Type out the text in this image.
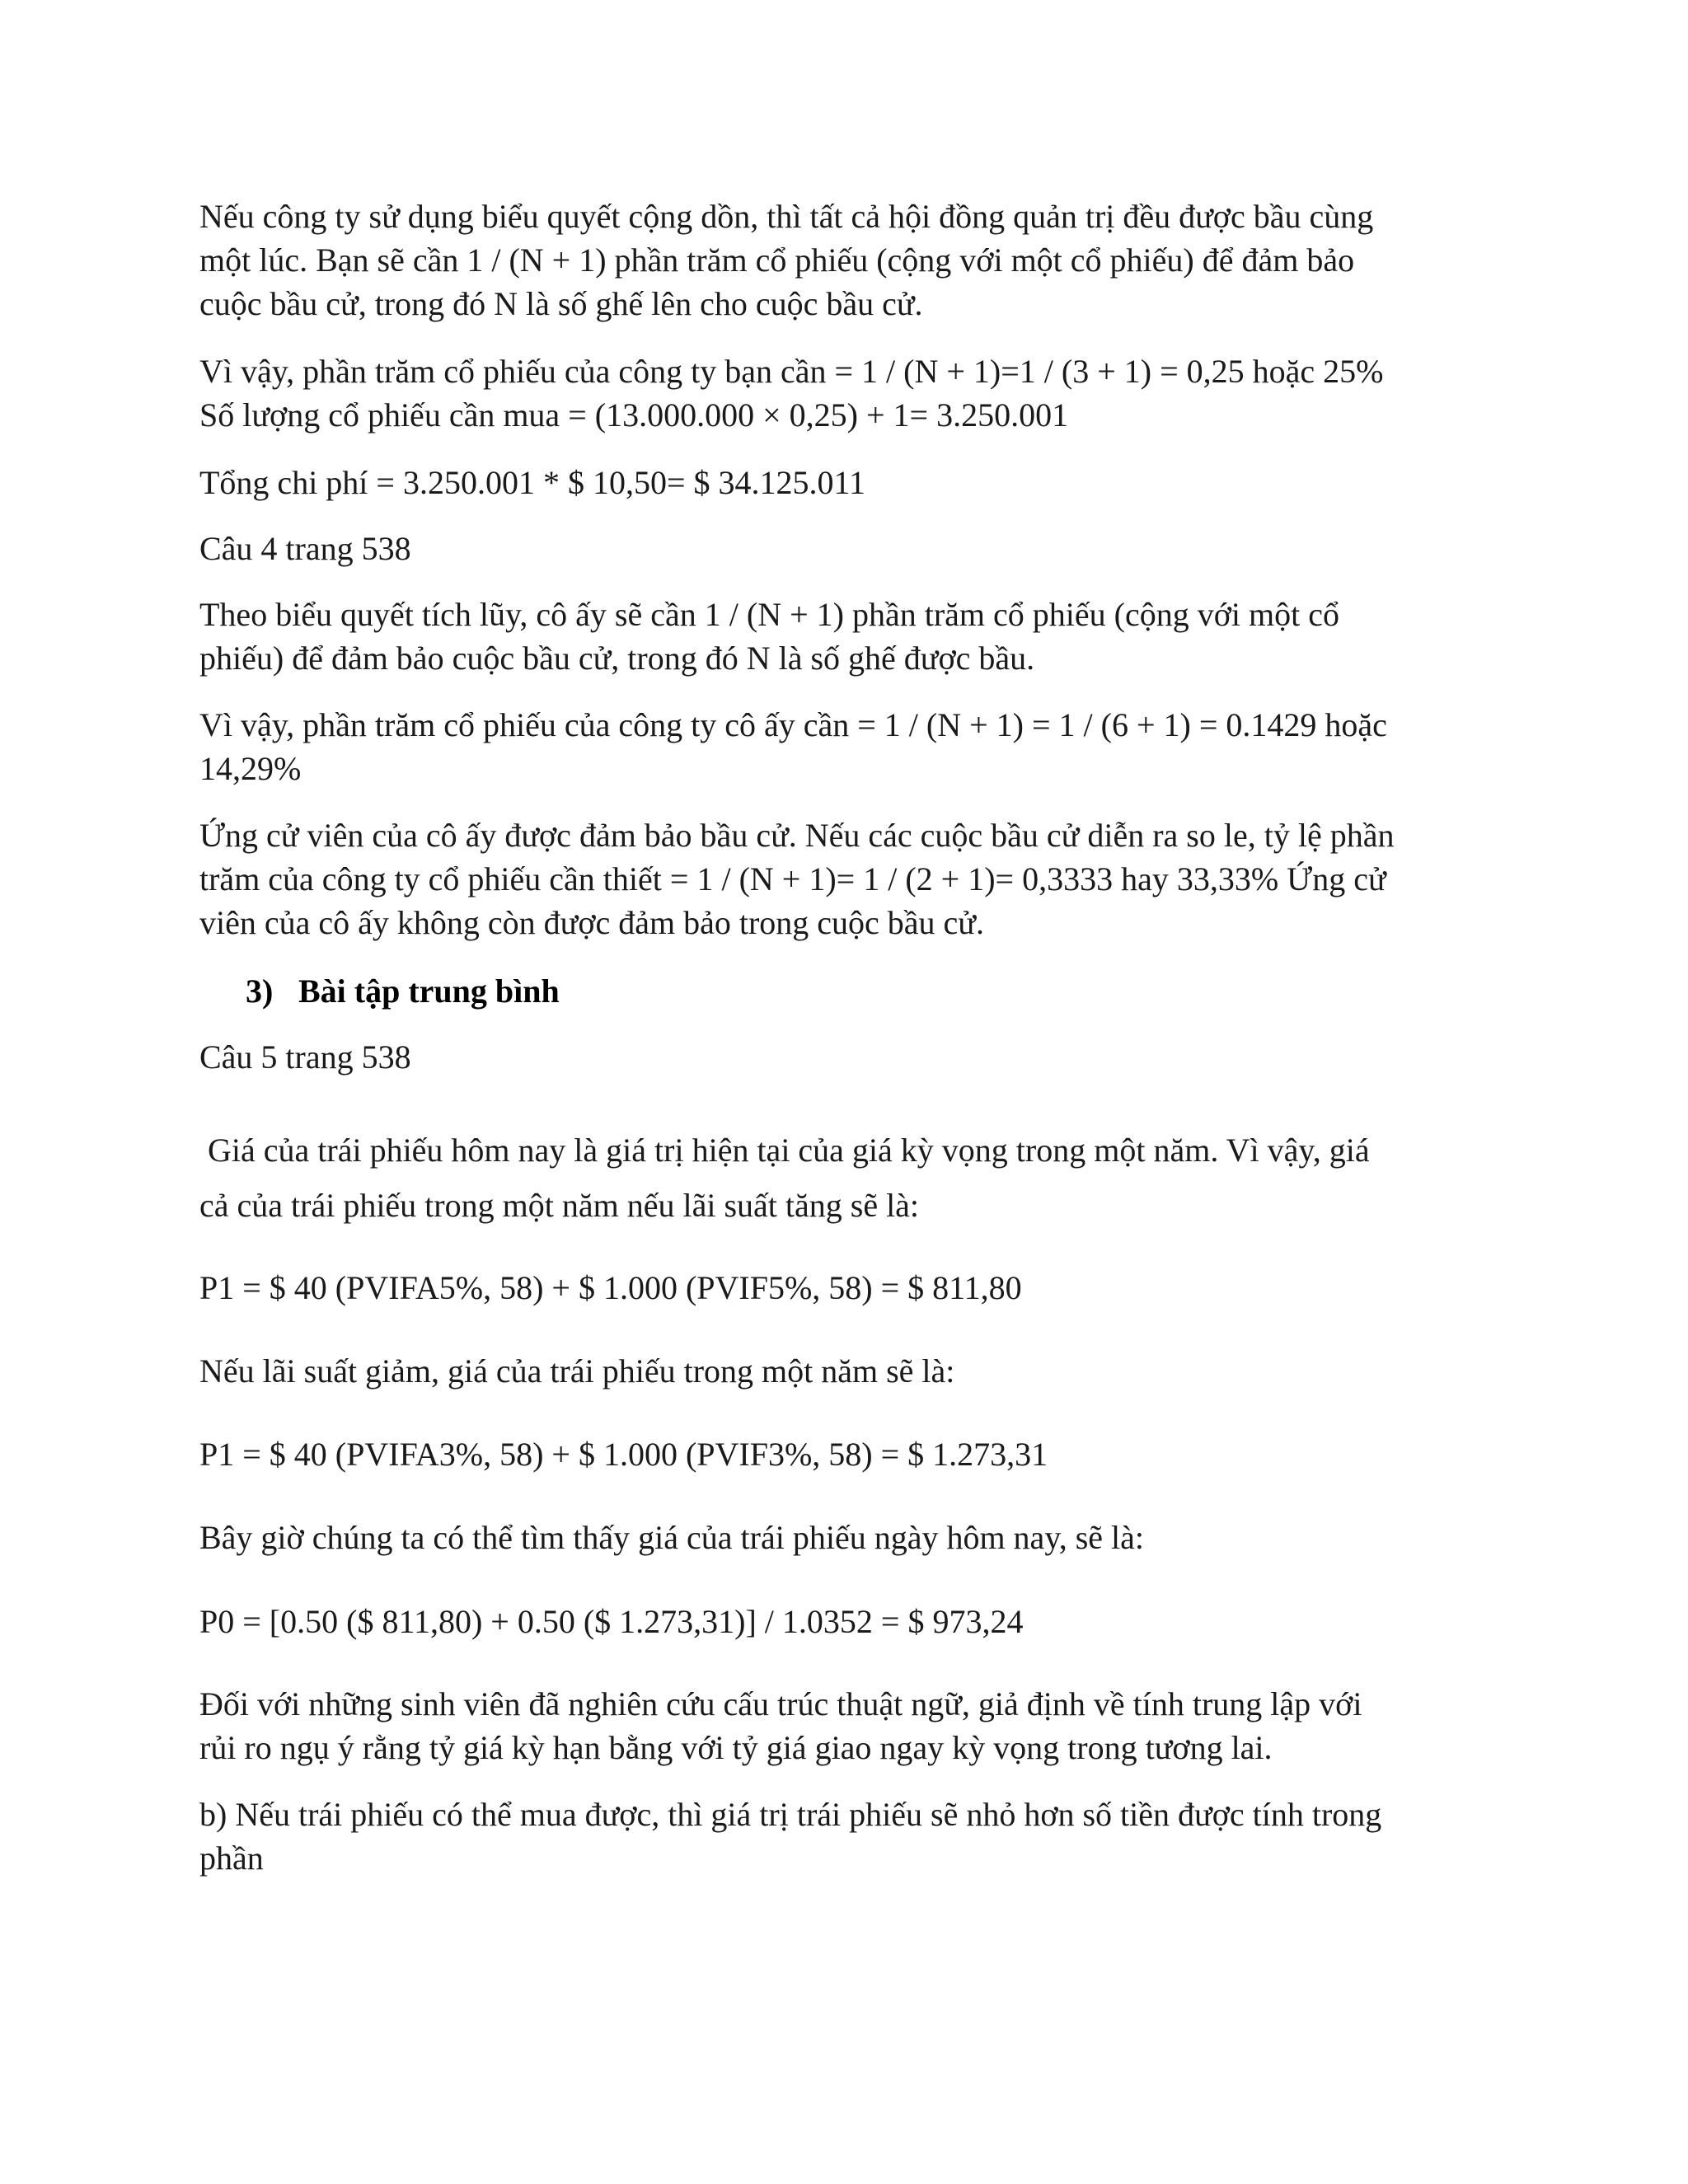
Nếu công ty sử dụng biểu quyết cộng dồn, thì tất cả hội đồng quản trị đều được bầu cùng
một lúc. Bạn sẽ cần 1 / (N + 1) phần trăm cổ phiếu (cộng với một cổ phiếu) để đảm bảo
cuộc bầu cử, trong đó N là số ghế lên cho cuộc bầu cử.

Vì vậy, phần trăm cổ phiếu của công ty bạn cần = 1 / (N + 1)=1 / (3 + 1) = 0,25 hoặc 25%
Số lượng cổ phiếu cần mua = (13.000.000 × 0,25) + 1= 3.250.001

Tổng chi phí = 3.250.001 * $ 10,50= $ 34.125.011

Câu 4 trang 538

Theo biểu quyết tích lũy, cô ấy sẽ cần 1 / (N + 1) phần trăm cổ phiếu (cộng với một cổ
phiếu) để đảm bảo cuộc bầu cử, trong đó N là số ghế được bầu.

Vì vậy, phần trăm cổ phiếu của công ty cô ấy cần = 1 / (N + 1) = 1 / (6 + 1) = 0.1429 hoặc
14,29%

Ứng cử viên của cô ấy được đảm bảo bầu cử. Nếu các cuộc bầu cử diễn ra so le, tỷ lệ phần
trăm của công ty cổ phiếu cần thiết = 1 / (N + 1)= 1 / (2 + 1)= 0,3333 hay 33,33% Ứng cử
viên của cô ấy không còn được đảm bảo trong cuộc bầu cử.

3) Bài tập trung bình

Câu 5 trang 538

Giá của trái phiếu hôm nay là giá trị hiện tại của giá kỳ vọng trong một năm. Vì vậy, giá
cả của trái phiếu trong một năm nếu lãi suất tăng sẽ là:

P1 = $ 40 (PVIFA5%, 58) + $ 1.000 (PVIF5%, 58) = $ 811,80

Nếu lãi suất giảm, giá của trái phiếu trong một năm sẽ là:

P1 = $ 40 (PVIFA3%, 58) + $ 1.000 (PVIF3%, 58) = $ 1.273,31

Bây giờ chúng ta có thể tìm thấy giá của trái phiếu ngày hôm nay, sẽ là:

P0 = [0.50 ($ 811,80) + 0.50 ($ 1.273,31)] / 1.0352 = $ 973,24

Đối với những sinh viên đã nghiên cứu cấu trúc thuật ngữ, giả định về tính trung lập với
rủi ro ngụ ý rằng tỷ giá kỳ hạn bằng với tỷ giá giao ngay kỳ vọng trong tương lai.

b) Nếu trái phiếu có thể mua được, thì giá trị trái phiếu sẽ nhỏ hơn số tiền được tính trong
phần
